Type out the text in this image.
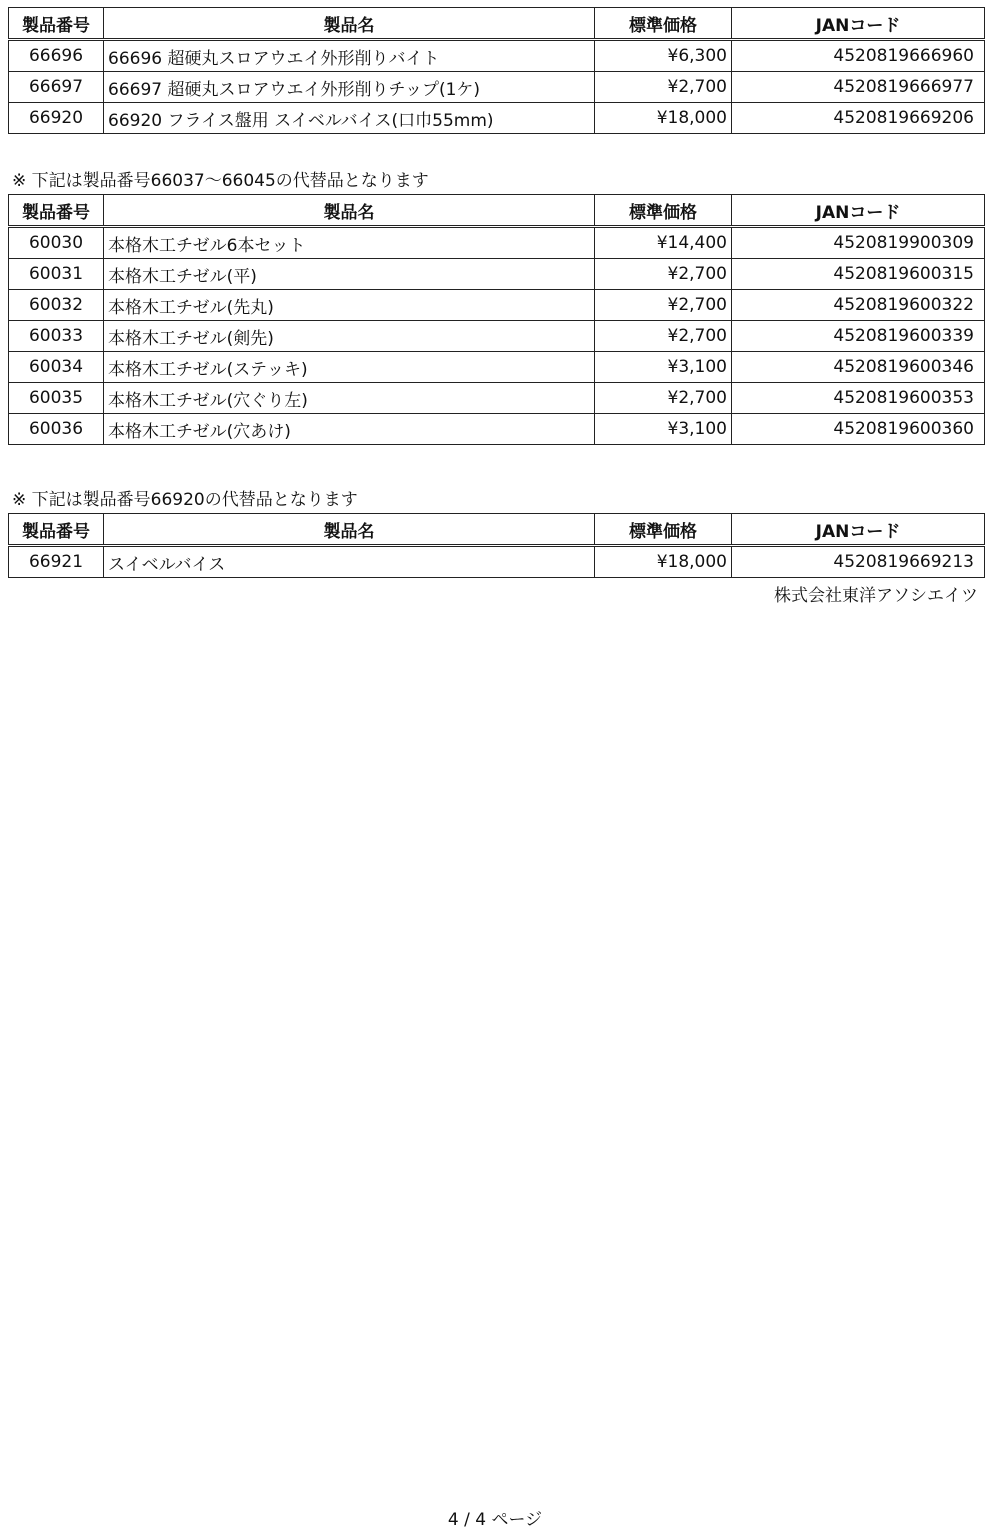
製品番号	製品名	標準価格	JANコード
66696	66696 超硬丸スロアウエイ外形削りバイト	¥6,300	4520819666960
66697	66697 超硬丸スロアウエイ外形削りチップ(1ケ)	¥2,700	4520819666977
66920	66920 フライス盤用 スイベルバイス(口巾55mm)	¥18,000	4520819669206
※ 下記は製品番号66037～66045の代替品となります
製品番号	製品名	標準価格	JANコード
60030	本格木工チゼル6本セット	¥14,400	4520819900309
60031	本格木工チゼル(平)	¥2,700	4520819600315
60032	本格木工チゼル(先丸)	¥2,700	4520819600322
60033	本格木工チゼル(剣先)	¥2,700	4520819600339
60034	本格木工チゼル(ステッキ)	¥3,100	4520819600346
60035	本格木工チゼル(穴ぐり左)	¥2,700	4520819600353
60036	本格木工チゼル(穴あけ)	¥3,100	4520819600360
※ 下記は製品番号66920の代替品となります
製品番号	製品名	標準価格	JANコード
66921	スイベルバイス	¥18,000	4520819669213
株式会社東洋アソシエイツ
4 / 4 ページ
